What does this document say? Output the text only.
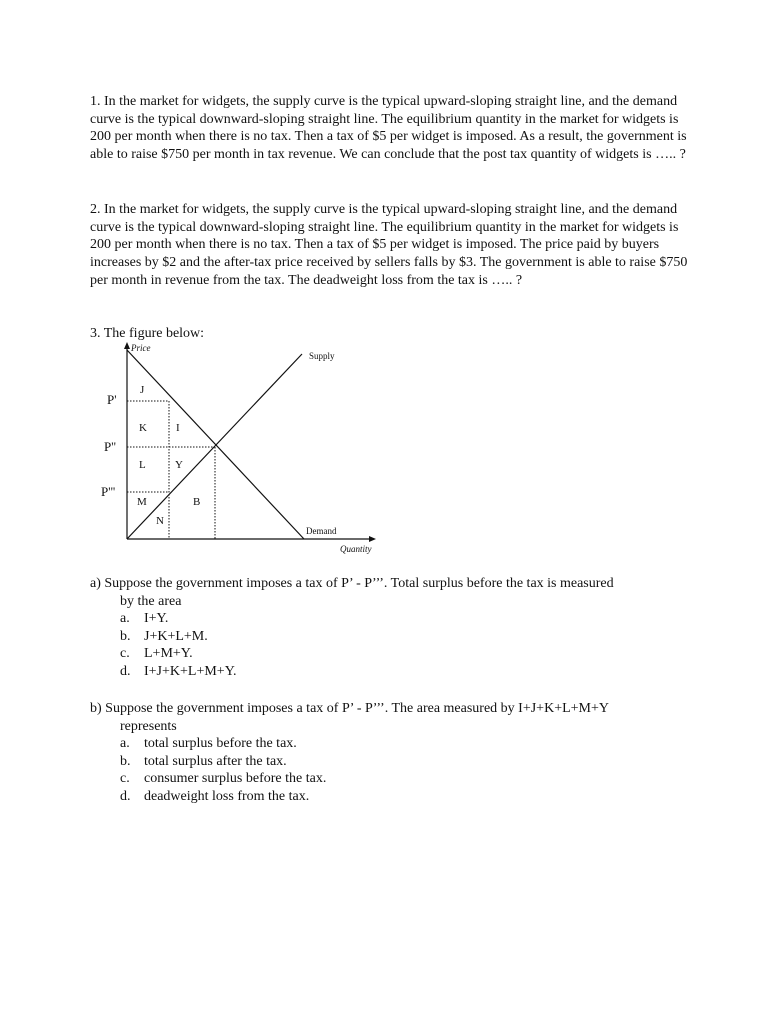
1. In the market for widgets, the supply curve is the typical upward-sloping straight line, and the demand curve is the typical downward-sloping straight line. The equilibrium quantity in the market for widgets is 200 per month when there is no tax. Then a tax of $5 per widget is imposed. As a result, the government is able to raise $750 per month in tax revenue. We can conclude that the post tax quantity of widgets is ….. ?

2. In the market for widgets, the supply curve is the typical upward-sloping straight line, and the demand curve is the typical downward-sloping straight line. The equilibrium quantity in the market for widgets is 200 per month when there is no tax. Then a tax of $5 per widget is imposed. The price paid by buyers increases by $2 and the after-tax price received by sellers falls by $3. The government is able to raise $750 per month in revenue from the tax. The deadweight loss from the tax is ….. ?

3. The figure below:

Price
Quantity
Supply
Demand
P'
P''
P'''
J
K	I
L	Y
M	B
N

a) Suppose the government imposes a tax of P’ - P’’’. Total surplus before the tax is measured
by the area

a.	I+Y.
b. J+K+L+M.
c.	L+M+Y.
d. I+J+K+L+M+Y.

b) Suppose the government imposes a tax of P’ - P’’’. The area measured by I+J+K+L+M+Y
represents

a.	total surplus before the tax.
b. total surplus after the tax.
c.	consumer surplus before the tax.
d. deadweight loss from the tax.
